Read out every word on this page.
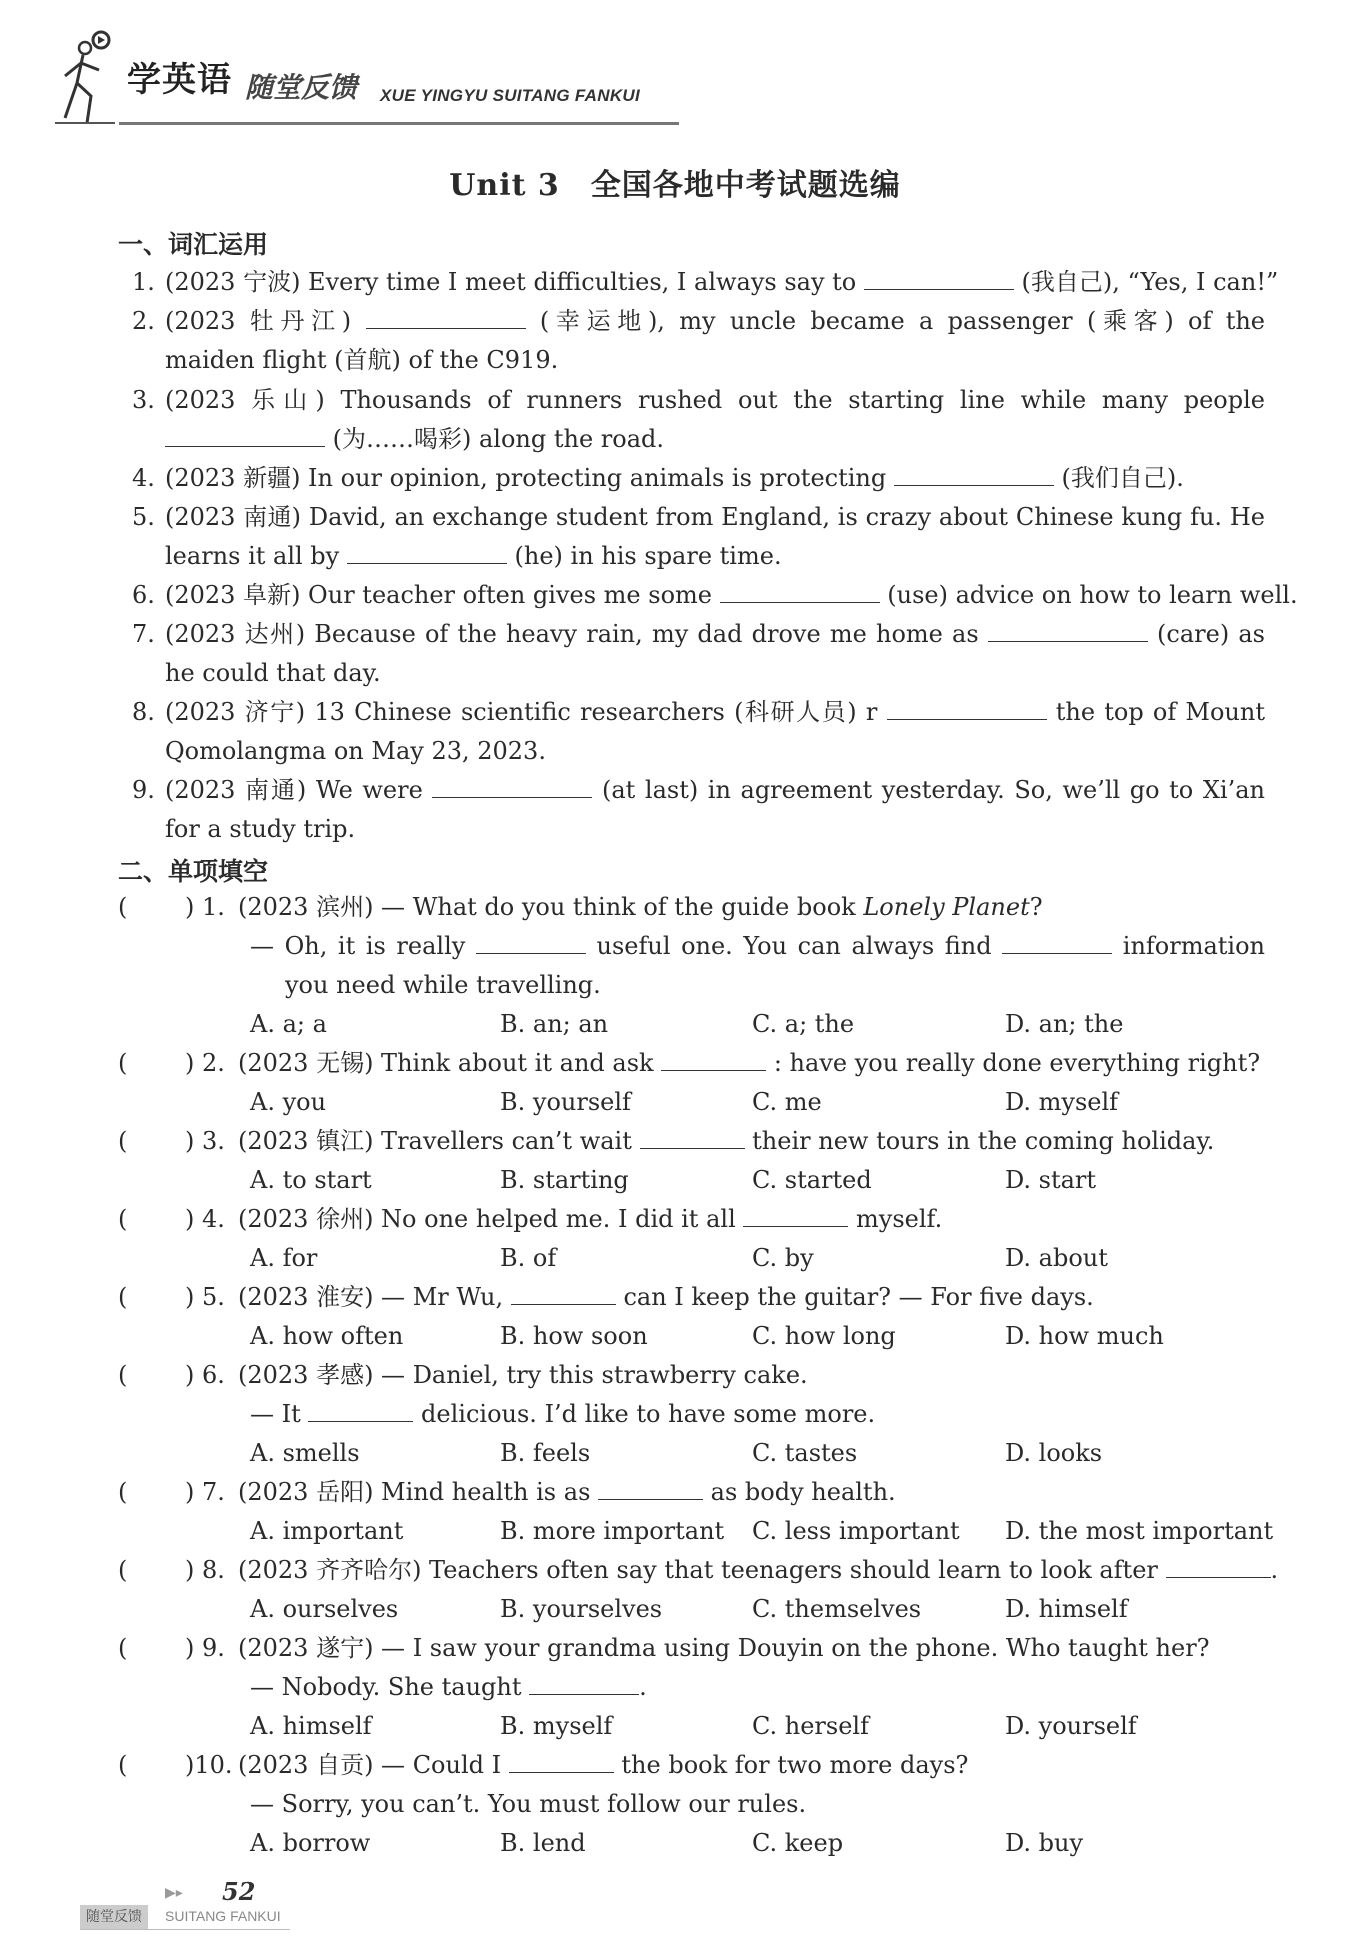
学英语 随堂反馈 XUE YINGYU SUITANG FANKUI
Unit 3　全国各地中考试题选编
一、词汇运用
1. (2023 宁波) Every time I meet difficulties, I always say to	(我自己), “Yes, I can!”
2. (2023 牡丹江)	(幸运地), my uncle became a passenger (乘客) of the
maiden flight (首航) of the C919.
3. (2023 乐山) Thousands of runners rushed out the starting line while many people
(为……喝彩) along the road.
4. (2023 新疆) In our opinion, protecting animals is protecting	(我们自己).
5. (2023 南通) David, an exchange student from England, is crazy about Chinese kung fu. He
learns it all by	(he) in his spare time.
6. (2023 阜新) Our teacher often gives me some	(use) advice on how to learn well.
7. (2023 达州) Because of the heavy rain, my dad drove me home as	(care) as
he could that day.
8. (2023 济宁) 13 Chinese scientific researchers (科研人员) r	the top of Mount
Qomolangma on May 23, 2023.
9. (2023 南通) We were	(at last) in agreement yesterday. So, we’ll go to Xi’an
for a study trip.
二、单项填空
( ) 1. (2023 滨州) — What do you think of the guide book Lonely Planet?
— Oh, it is really	useful one. You can always find	information
you need while travelling.
A. a; a	B. an; an	C. a; the	D. an; the
( ) 2. (2023 无锡) Think about it and ask	: have you really done everything right?
A. you	B. yourself	C. me	D. myself
( ) 3. (2023 镇江) Travellers can’t wait	their new tours in the coming holiday.
A. to start	B. starting	C. started	D. start
( ) 4. (2023 徐州) No one helped me. I did it all	myself.
A. for	B. of	C. by	D. about
( ) 5. (2023 淮安) — Mr Wu,	can I keep the guitar? — For five days.
A. how often	B. how soon	C. how long	D. how much
( ) 6. (2023 孝感) — Daniel, try this strawberry cake.
— It	delicious. I’d like to have some more.
A. smells	B. feels	C. tastes	D. looks
( ) 7. (2023 岳阳) Mind health is as	as body health.
A. important	B. more important C. less important D. the most important
( ) 8. (2023 齐齐哈尔) Teachers often say that teenagers should learn to look after	.
A. ourselves	B. yourselves	C. themselves	D. himself
( ) 9. (2023 遂宁) — I saw your grandma using Douyin on the phone. Who taught her?
— Nobody. She taught	.
A. himself	B. myself	C. herself	D. yourself
( )10. (2023 自贡) — Could I	the book for two more days?
— Sorry, you can’t. You must follow our rules.
A. borrow	B. lend	C. keep	D. buy
▶▸ 52
随堂反馈	SUITANG FANKUI
